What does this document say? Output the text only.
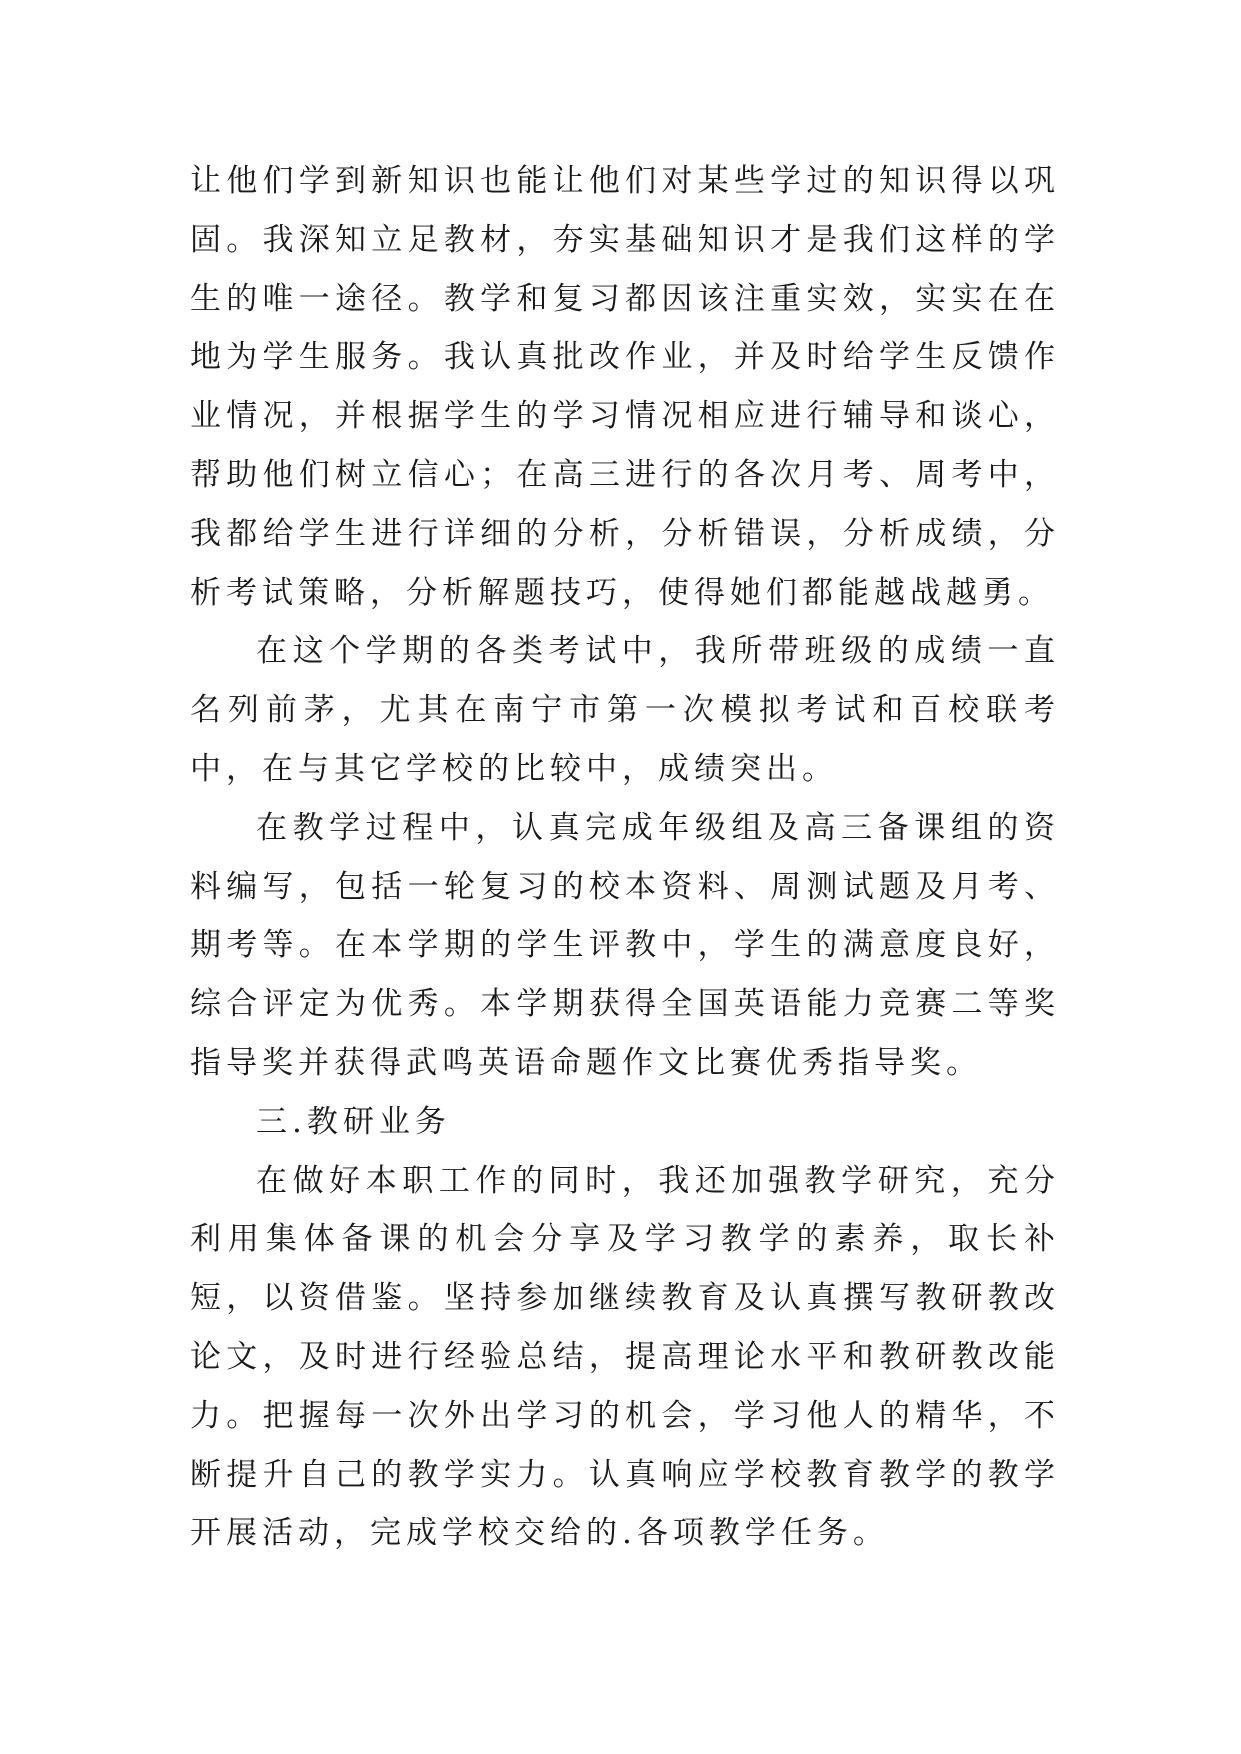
让他们学到新知识也能让他们对某些学过的知识得以巩固。我深知立足教材，夯实基础知识才是我们这样的学生的唯一途径。教学和复习都因该注重实效，实实在在地为学生服务。我认真批改作业，并及时给学生反馈作业情况，并根据学生的学习情况相应进行辅导和谈心，帮助他们树立信心；在高三进行的各次月考、周考中，我都给学生进行详细的分析，分析错误，分析成绩，分析考试策略，分析解题技巧，使得她们都能越战越勇。

在这个学期的各类考试中，我所带班级的成绩一直名列前茅，尤其在南宁市第一次模拟考试和百校联考中，在与其它学校的比较中，成绩突出。

在教学过程中，认真完成年级组及高三备课组的资料编写，包括一轮复习的校本资料、周测试题及月考、期考等。在本学期的学生评教中，学生的满意度良好，综合评定为优秀。本学期获得全国英语能力竞赛二等奖指导奖并获得武鸣英语命题作文比赛优秀指导奖。

三.教研业务

在做好本职工作的同时，我还加强教学研究，充分利用集体备课的机会分享及学习教学的素养，取长补短，以资借鉴。坚持参加继续教育及认真撰写教研教改论文，及时进行经验总结，提高理论水平和教研教改能力。把握每一次外出学习的机会，学习他人的精华，不断提升自己的教学实力。认真响应学校教育教学的教学开展活动，完成学校交给的.各项教学任务。
